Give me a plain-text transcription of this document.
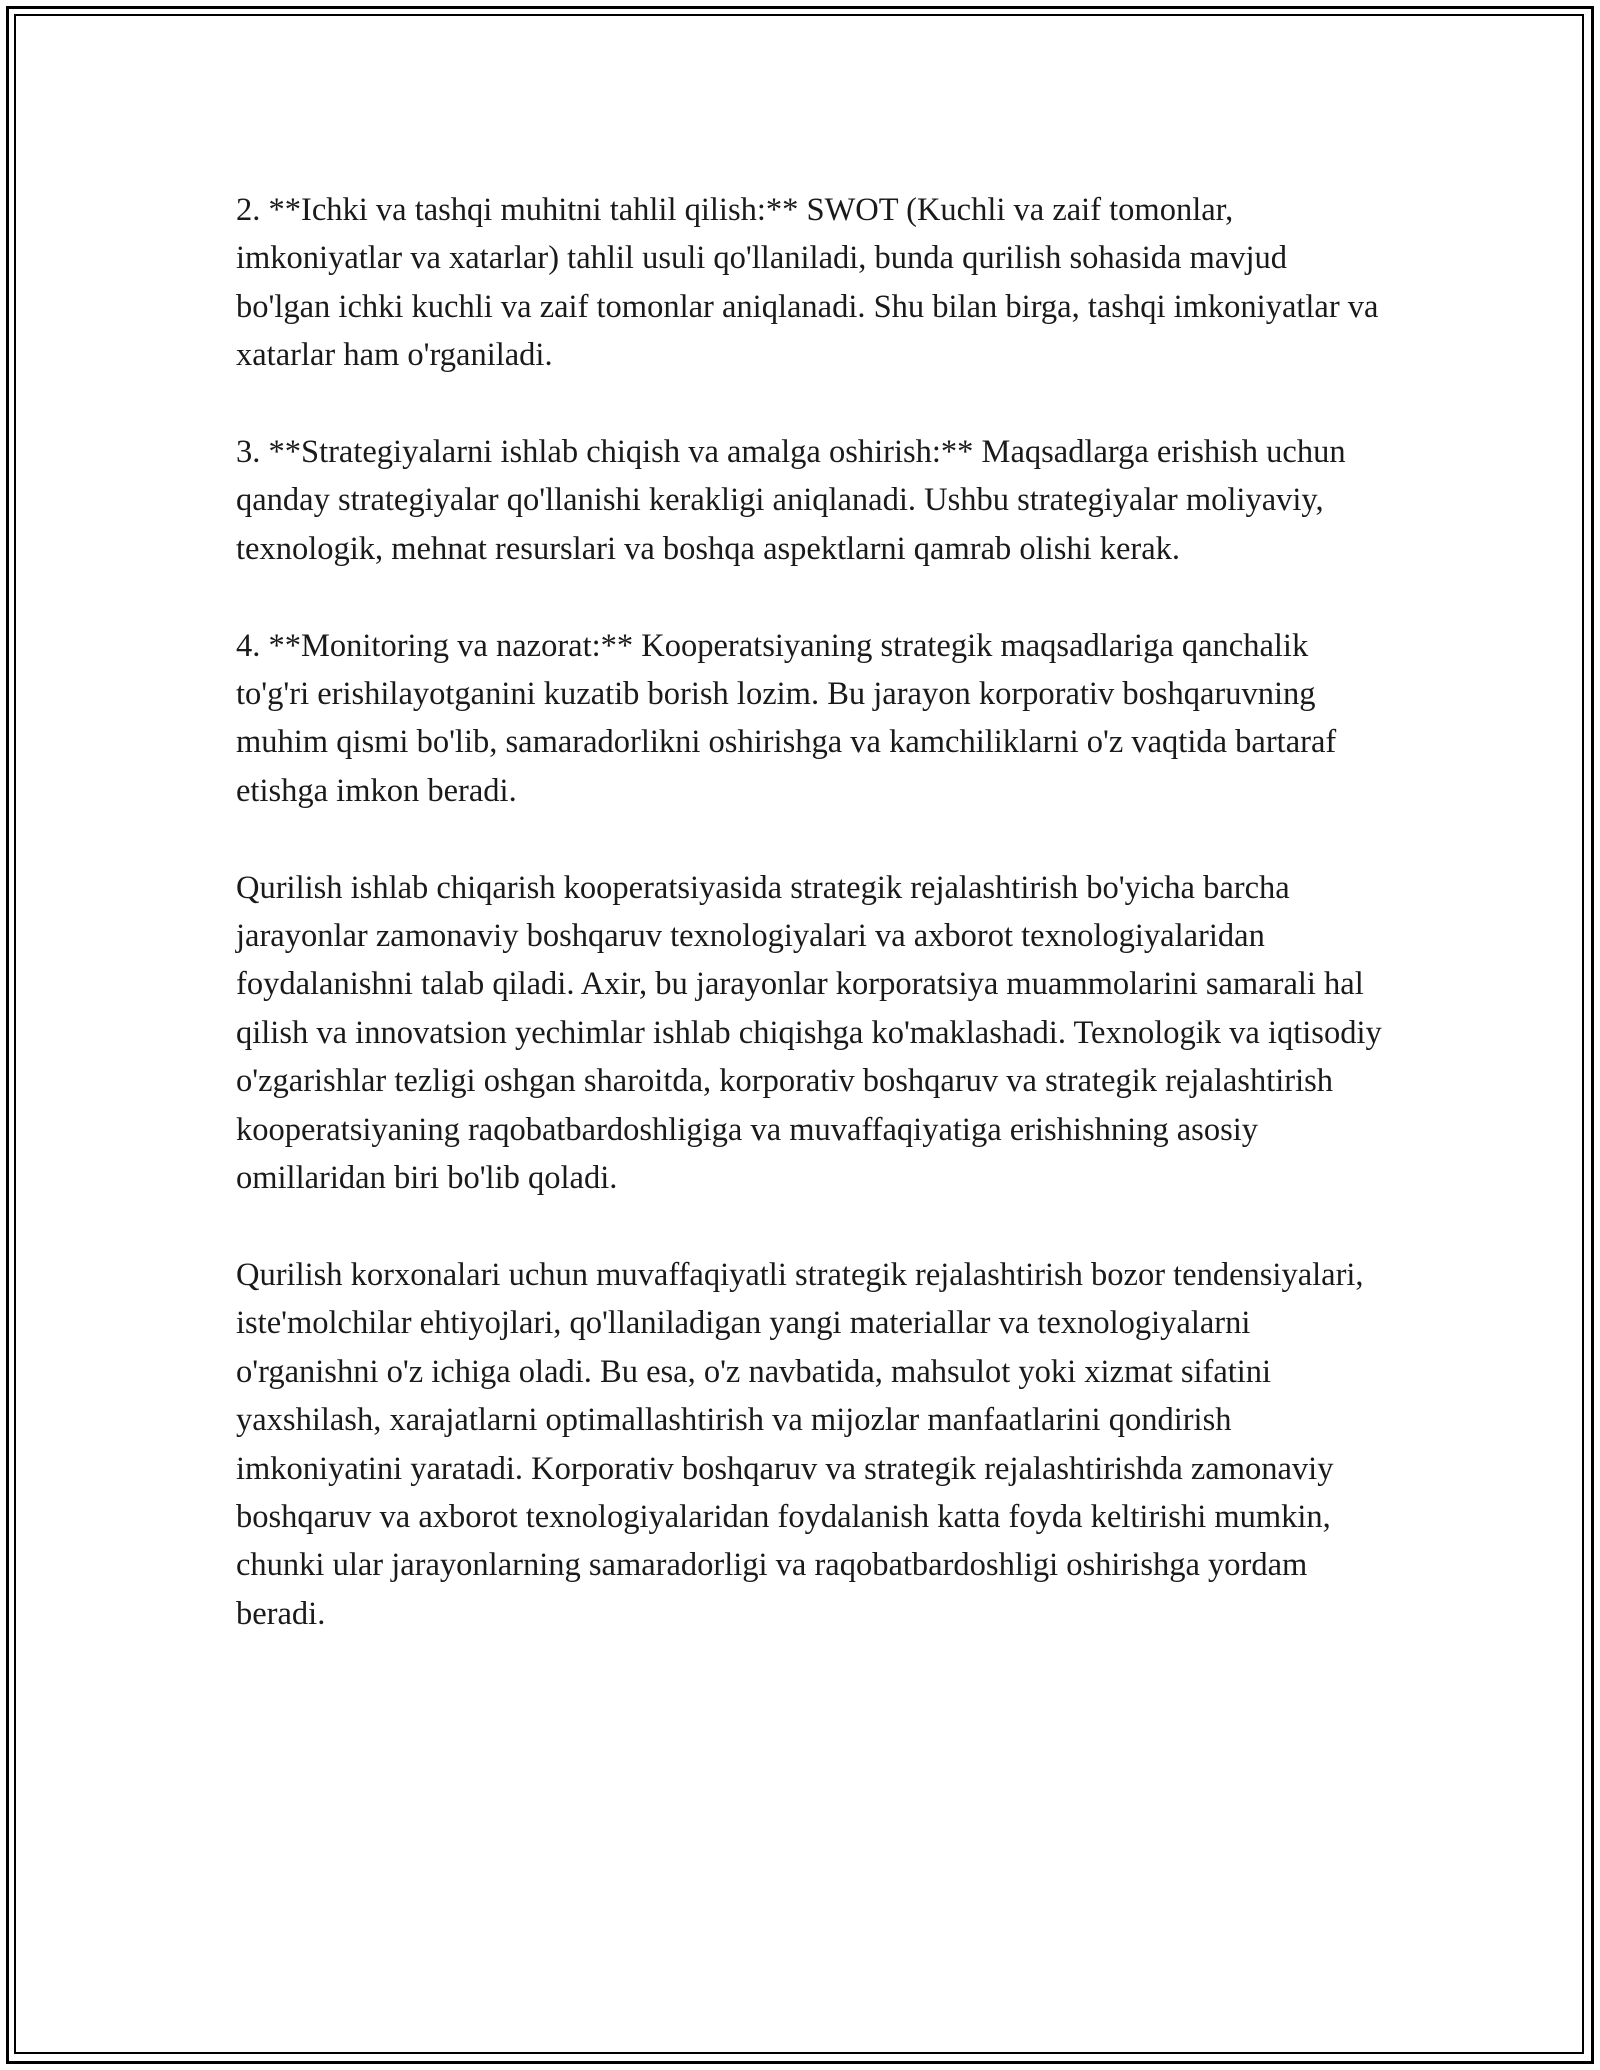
2. **Ichki va tashqi muhitni tahlil qilish:** SWOT (Kuchli va zaif tomonlar, imkoniyatlar va xatarlar) tahlil usuli qo'llaniladi, bunda qurilish sohasida mavjud bo'lgan ichki kuchli va zaif tomonlar aniqlanadi. Shu bilan birga, tashqi imkoniyatlar va xatarlar ham o'rganiladi.

3. **Strategiyalarni ishlab chiqish va amalga oshirish:** Maqsadlarga erishish uchun qanday strategiyalar qo'llanishi kerakligi aniqlanadi. Ushbu strategiyalar moliyaviy, texnologik, mehnat resurslari va boshqa aspektlarni qamrab olishi kerak.

4. **Monitoring va nazorat:** Kooperatsiyaning strategik maqsadlariga qanchalik to'g'ri erishilayotganini kuzatib borish lozim. Bu jarayon korporativ boshqaruvning muhim qismi bo'lib, samaradorlikni oshirishga va kamchiliklarni o'z vaqtida bartaraf etishga imkon beradi.

Qurilish ishlab chiqarish kooperatsiyasida strategik rejalashtirish bo'yicha barcha jarayonlar zamonaviy boshqaruv texnologiyalari va axborot texnologiyalaridan foydalanishni talab qiladi. Axir, bu jarayonlar korporatsiya muammolarini samarali hal qilish va innovatsion yechimlar ishlab chiqishga ko'maklashadi. Texnologik va iqtisodiy o'zgarishlar tezligi oshgan sharoitda, korporativ boshqaruv va strategik rejalashtirish kooperatsiyaning raqobatbardoshligiga va muvaffaqiyatiga erishishning asosiy omillaridan biri bo'lib qoladi.

Qurilish korxonalari uchun muvaffaqiyatli strategik rejalashtirish bozor tendensiyalari, iste'molchilar ehtiyojlari, qo'llaniladigan yangi materiallar va texnologiyalarni o'rganishni o'z ichiga oladi. Bu esa, o'z navbatida, mahsulot yoki xizmat sifatini yaxshilash, xarajatlarni optimallashtirish va mijozlar manfaatlarini qondirish imkoniyatini yaratadi. Korporativ boshqaruv va strategik rejalashtirishda zamonaviy boshqaruv va axborot texnologiyalaridan foydalanish katta foyda keltirishi mumkin, chunki ular jarayonlarning samaradorligi va raqobatbardoshligi oshirishga yordam beradi.
